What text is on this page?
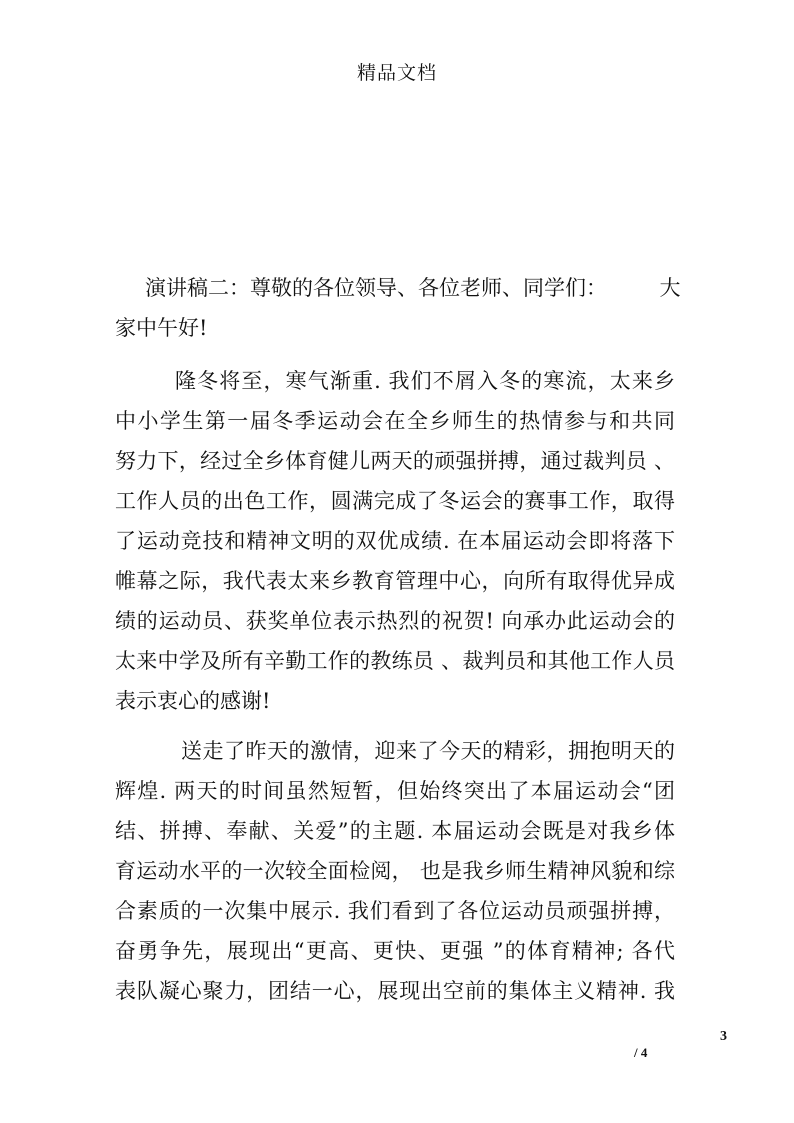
精品文档
演讲稿二：尊敬的各位领导、各位老师、同学们：　　　大
家中午好!
隆冬将至，寒气渐重. 我们不屑入冬的寒流，太来乡
中小学生第一届冬季运动会在全乡师生的热情参与和共同
努力下，经过全乡体育健儿两天的顽强拼搏，通过裁判员 、
工作人员的出色工作，圆满完成了冬运会的赛事工作，取得
了运动竞技和精神文明的双优成绩. 在本届运动会即将落下
帷幕之际，我代表太来乡教育管理中心，向所有取得优异成
绩的运动员、获奖单位表示热烈的祝贺! 向承办此运动会的
太来中学及所有辛勤工作的教练员 、裁判员和其他工作人员
表示衷心的感谢!
送走了昨天的激情，迎来了今天的精彩，拥抱明天的
辉煌. 两天的时间虽然短暂，但始终突出了本届运动会“团
结、拼搏、奉献、关爱”的主题. 本届运动会既是对我乡体
育运动水平的一次较全面检阅， 也是我乡师生精神风貌和综
合素质的一次集中展示. 我们看到了各位运动员顽强拼搏，
奋勇争先，展现出“更高、更快、更强 ”的体育精神; 各代
表队凝心聚力，团结一心，展现出空前的集体主义精神. 我
3
/ 4
